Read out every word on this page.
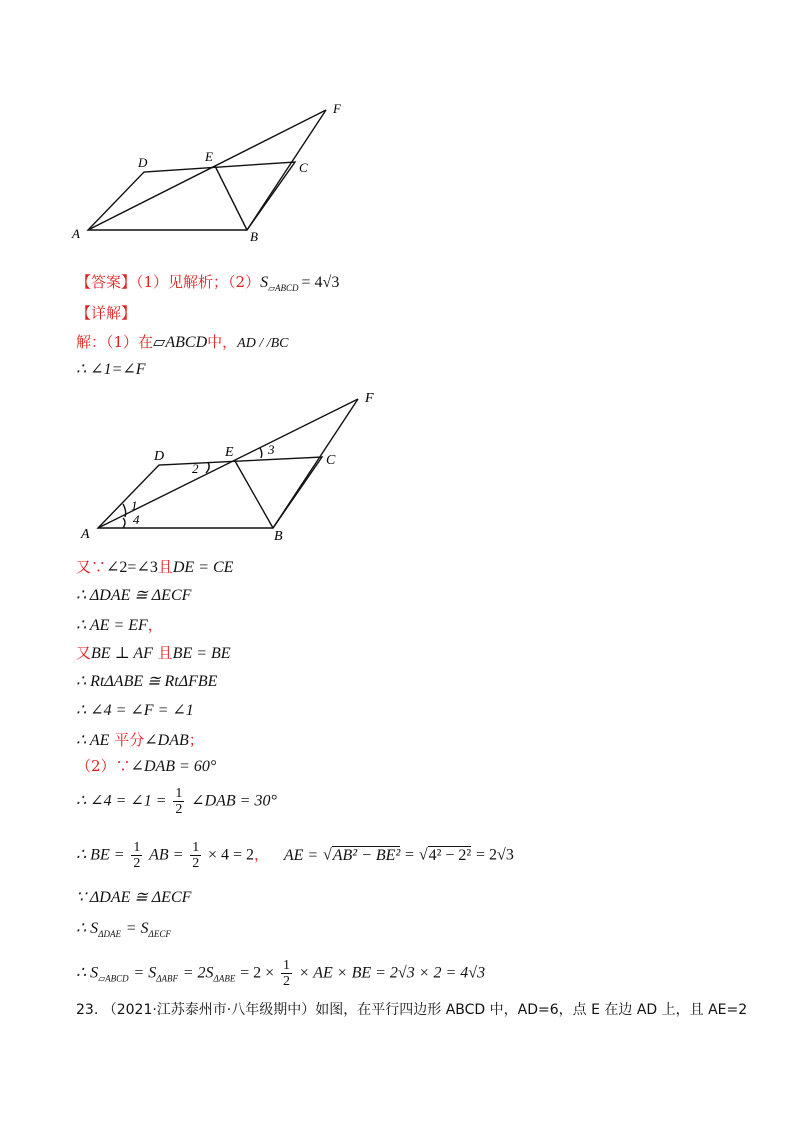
A	B
C
D	E
F
【答案】（1）见解析；$(2)S_{▱ABCD} = 4√3$
【详解】
解：（1）在▱ABCD中，AD / /BC
∴ ∠1=∠F
A	B
C
D	E
F
1
4
2
3
又∵∠2=∠3且DE = CE
∴ ΔDAE ≅ ΔECF
∴ AE = EF，
又BE ⊥ AF 且BE = BE
∴ RtΔABE ≅ RtΔFBE
∴ ∠4 = ∠F = ∠1
∴ AE 平分∠DAB；
（2）∵∠DAB = 60°
∴ ∠4 = ∠1 = $\frac{1}{2}$ ∠DAB = 30°
∴ BE = $\frac{1}{2}$ AB = $\frac{1}{2} \times 4 = 2$， AE = √AB² − BE² = √4² − 2² = 2√3
∵ ΔDAE ≅ ΔECF
∴ $S_{\Delta DAE} = S_{\Delta ECF}$
∴ $S_{▱ABCD} = S_{\Delta ABF} = 2S_{\Delta ABE} = 2 \times \frac{1}{2}$ × AE × BE = 2√3 × 2 = 4√3
23. （2021·江苏泰州市·八年级期中）如图，在平行四边形 ABCD 中，AD=6，点 E 在边 AD 上，且 AE=2
